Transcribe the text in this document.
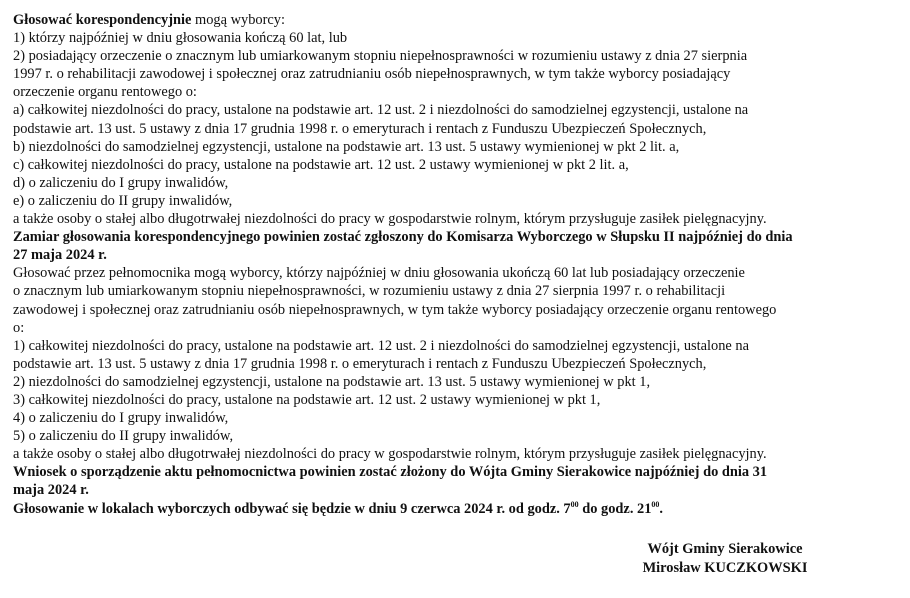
Głosować korespondencyjnie mogą wyborcy:
1) którzy najpóźniej w dniu głosowania kończą 60 lat, lub
2) posiadający orzeczenie o znacznym lub umiarkowanym stopniu niepełnosprawności w rozumieniu ustawy z dnia 27 sierpnia
1997 r. o rehabilitacji zawodowej i społecznej oraz zatrudnianiu osób niepełnosprawnych, w tym także wyborcy posiadający
orzeczenie organu rentowego o:
a) całkowitej niezdolności do pracy, ustalone na podstawie art. 12 ust. 2 i niezdolności do samodzielnej egzystencji, ustalone na
podstawie art. 13 ust. 5 ustawy z dnia 17 grudnia 1998 r. o emeryturach i rentach z Funduszu Ubezpieczeń Społecznych,
b) niezdolności do samodzielnej egzystencji, ustalone na podstawie art. 13 ust. 5 ustawy wymienionej w pkt 2 lit. a,
c) całkowitej niezdolności do pracy, ustalone na podstawie art. 12 ust. 2 ustawy wymienionej w pkt 2 lit. a,
d) o zaliczeniu do I grupy inwalidów,
e) o zaliczeniu do II grupy inwalidów,
a także osoby o stałej albo długotrwałej niezdolności do pracy w gospodarstwie rolnym, którym przysługuje zasiłek pielęgnacyjny.
Zamiar głosowania korespondencyjnego powinien zostać zgłoszony do Komisarza Wyborczego w Słupsku II najpóźniej do dnia
27 maja 2024 r.
Głosować przez pełnomocnika mogą wyborcy, którzy najpóźniej w dniu głosowania ukończą 60 lat lub posiadający orzeczenie
o znacznym lub umiarkowanym stopniu niepełnosprawności, w rozumieniu ustawy z dnia 27 sierpnia 1997 r. o rehabilitacji
zawodowej i społecznej oraz zatrudnianiu osób niepełnosprawnych, w tym także wyborcy posiadający orzeczenie organu rentowego
o:
1) całkowitej niezdolności do pracy, ustalone na podstawie art. 12 ust. 2 i niezdolności do samodzielnej egzystencji, ustalone na
podstawie art. 13 ust. 5 ustawy z dnia 17 grudnia 1998 r. o emeryturach i rentach z Funduszu Ubezpieczeń Społecznych,
2) niezdolności do samodzielnej egzystencji, ustalone na podstawie art. 13 ust. 5 ustawy wymienionej w pkt 1,
3) całkowitej niezdolności do pracy, ustalone na podstawie art. 12 ust. 2 ustawy wymienionej w pkt 1,
4) o zaliczeniu do I grupy inwalidów,
5) o zaliczeniu do II grupy inwalidów,
a także osoby o stałej albo długotrwałej niezdolności do pracy w gospodarstwie rolnym, którym przysługuje zasiłek pielęgnacyjny.
Wniosek o sporządzenie aktu pełnomocnictwa powinien zostać złożony do Wójta Gminy Sierakowice najpóźniej do dnia 31
maja 2024 r.
Głosowanie w lokalach wyborczych odbywać się będzie w dniu 9 czerwca 2024 r. od godz. $7^{00}$ do godz. $21^{00}$.
Wójt Gminy Sierakowice
Mirosław KUCZKOWSKI
